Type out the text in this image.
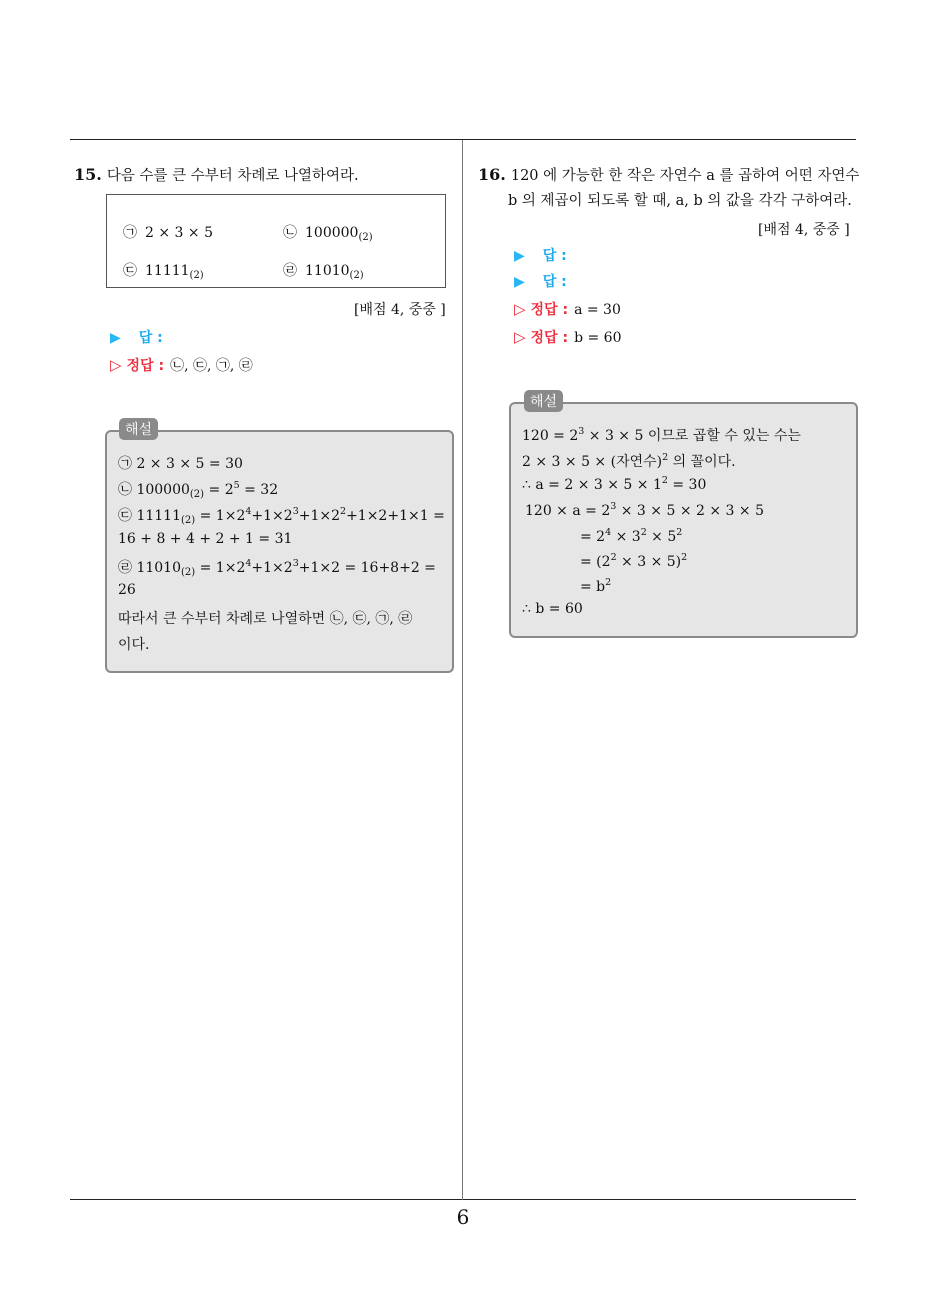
6
15. 다음 수를 큰 수부터 차례로 나열하여라.
㉠ 2 × 3 × 5	㉡ $100000_{(2)}$
㉢ $11111_{(2)}$	㉣ $11010_{(2)}$
[배점 4, 중중 ]
▶ 답 :
▷ 정답 : ㉡, ㉢, ㉠, ㉣
해설
㉠ 2 × 3 × 5 = 30
㉡ $100000_{(2)} = 2^5 = 32$
㉢ $11111_{(2)} = 1\times 2^4+1\times 2^3+1\times 2^2+1\times 2+1\times 1$ =
16 + 8 + 4 + 2 + 1 = 31
㉣ $11010_{(2)} = 1\times 2^4+1\times 2^3+1\times 2 = 16+8+2$ =
26
따라서 큰 수부터 차례로 나열하면 ㉡, ㉢, ㉠, ㉣
이다.
16. 120 에 가능한 한 작은 자연수 a 를 곱하여 어떤 자연수
b 의 제곱이 되도록 할 때, a, b 의 값을 각각 구하여라.
[배점 4, 중중 ]
▶ 답 :
▶ 답 :
▷ 정답 : a = 30
▷ 정답 : b = 60
해설
$120 = 2^3 \times 3 \times 5$ 이므로 곱할 수 있는 수는
2 × 3 × 5 × (자연수)$^2$ 의 꼴이다.
∴ $a = 2 \times 3 \times 5 \times 1^2 = 30$
$120 \times a = 2^3 \times 3 \times 5 \times 2 \times 3 \times 5$
= $2^4 \times 3^2 \times 5^2$
= $(2^2 \times 3 \times 5)^2$
= $b^2$
∴ b = 60
